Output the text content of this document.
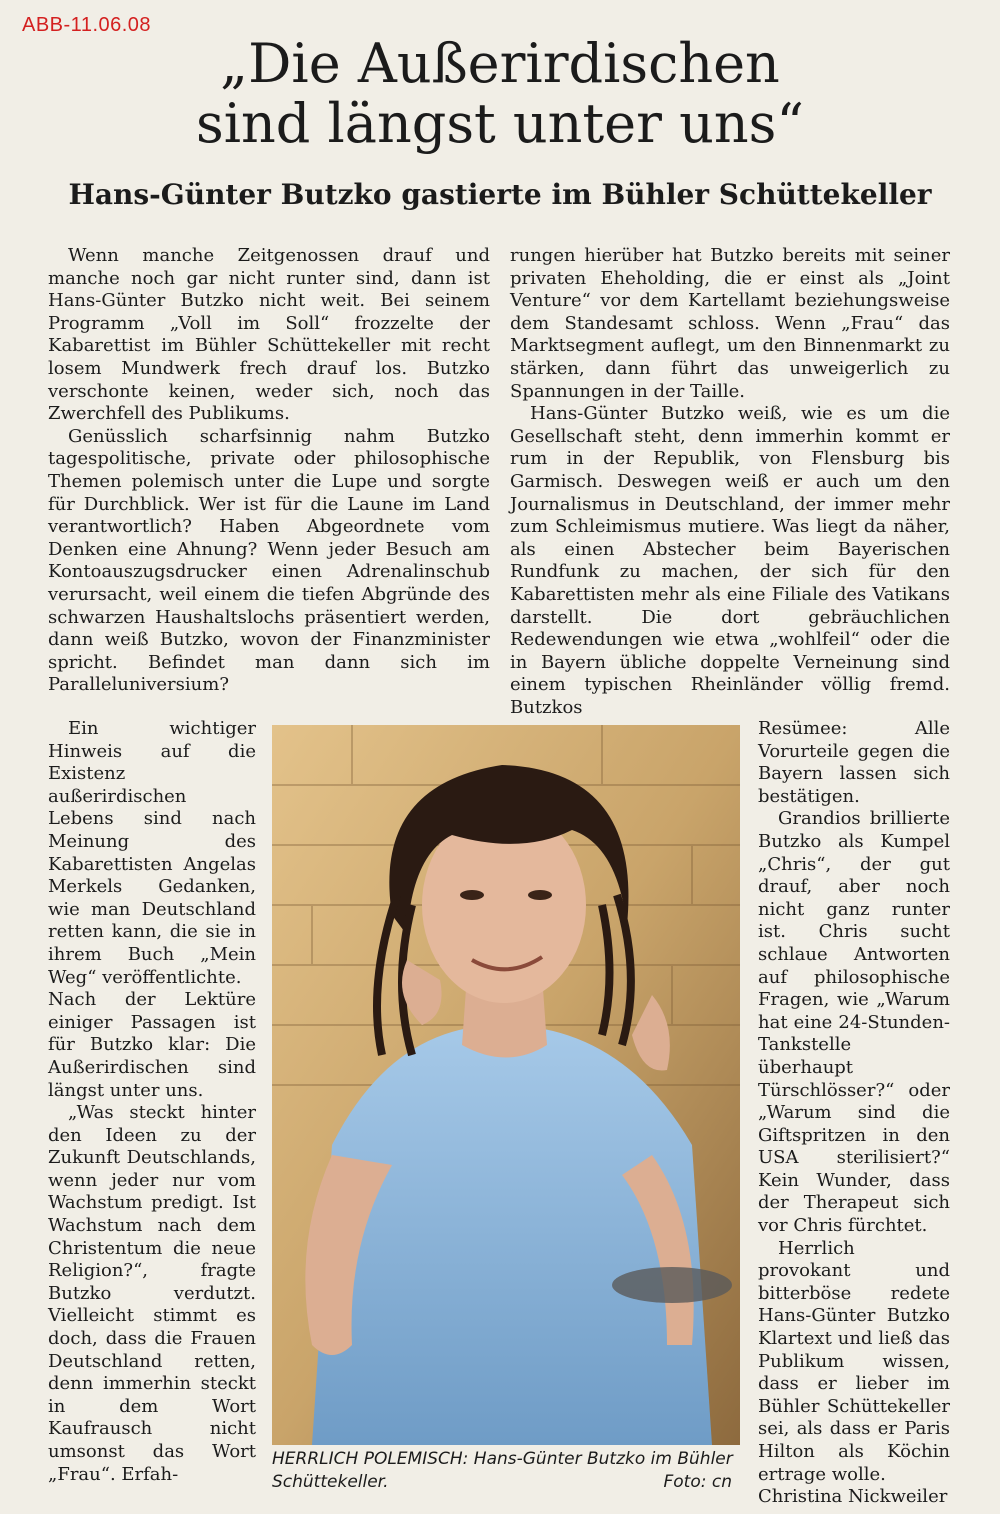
ABB-11.06.08
„Die Außerirdischen
sind längst unter uns“
Hans-Günter Butzko gastierte im Bühler Schüttekeller

Wenn manche Zeitgenossen drauf und manche noch gar nicht runter sind, dann ist Hans-Günter Butzko nicht weit. Bei seinem Programm „Voll im Soll“ frozzelte der Kabarettist im Bühler Schüttekeller mit recht losem Mundwerk frech drauf los. Butzko verschonte keinen, weder sich, noch das Zwerchfell des Publikums.

Genüsslich scharfsinnig nahm Butzko tagespolitische, private oder philosophische Themen polemisch unter die Lupe und sorgte für Durchblick. Wer ist für die Laune im Land verantwortlich? Haben Abgeordnete vom Denken eine Ahnung? Wenn jeder Besuch am Kontoauszugsdrucker einen Adrenalinschub verursacht, weil einem die tiefen Abgründe des schwarzen Haushaltslochs präsentiert werden, dann weiß Butzko, wovon der Finanzminister spricht. Befindet man dann sich im Paralleluniversium?

Ein wichtiger Hinweis auf die Existenz außerirdischen Lebens sind nach Meinung des Kabarettisten Angelas Merkels Gedanken, wie man Deutschland retten kann, die sie in ihrem Buch „Mein Weg“ veröffentlichte.

Nach der Lektüre einiger Passagen ist für Butzko klar: Die Außerirdischen sind längst unter uns.

„Was steckt hinter den Ideen zu der Zukunft Deutschlands, wenn jeder nur vom Wachstum predigt. Ist Wachstum nach dem Christentum die neue Religion?“, fragte Butzko verdutzt. Vielleicht stimmt es doch, dass die Frauen Deutschland retten, denn immerhin steckt in dem Wort Kaufrausch nicht umsonst das Wort „Frau“. Erfah-

rungen hierüber hat Butzko bereits mit seiner privaten Eheholding, die er einst als „Joint Venture“ vor dem Kartellamt beziehungsweise dem Standesamt schloss. Wenn „Frau“ das Marktsegment auflegt, um den Binnenmarkt zu stärken, dann führt das unweigerlich zu Spannungen in der Taille.

Hans-Günter Butzko weiß, wie es um die Gesellschaft steht, denn immerhin kommt er rum in der Republik, von Flensburg bis Garmisch. Deswegen weiß er auch um den Journalismus in Deutschland, der immer mehr zum Schleimismus mutiere. Was liegt da näher, als einen Abstecher beim Bayerischen Rundfunk zu machen, der sich für den Kabarettisten mehr als eine Filiale des Vatikans darstellt. Die dort gebräuchlichen Redewendungen wie etwa „wohlfeil“ oder die in Bayern übliche doppelte Verneinung sind einem typischen Rheinländer völlig fremd. Butzkos

Resümee: Alle Vorurteile gegen die Bayern lassen sich bestätigen.

Grandios brillierte Butzko als Kumpel „Chris“, der gut drauf, aber noch nicht ganz runter ist. Chris sucht schlaue Antworten auf philosophische Fragen, wie „Warum hat eine 24-Stunden-Tankstelle überhaupt Türschlösser?“ oder „Warum sind die Giftspritzen in den USA sterilisiert?“ Kein Wunder, dass der Therapeut sich vor Chris fürchtet.

Herrlich provokant und bitterböse redete Hans-Günter Butzko Klartext und ließ das Publikum wissen, dass er lieber im Bühler Schüttekeller sei, als dass er Paris Hilton als Köchin ertrage wolle.

Christina Nickweiler

HERRLICH POLEMISCH: Hans-Günter Butzko im Bühler Schüttekeller.	Foto: cn
